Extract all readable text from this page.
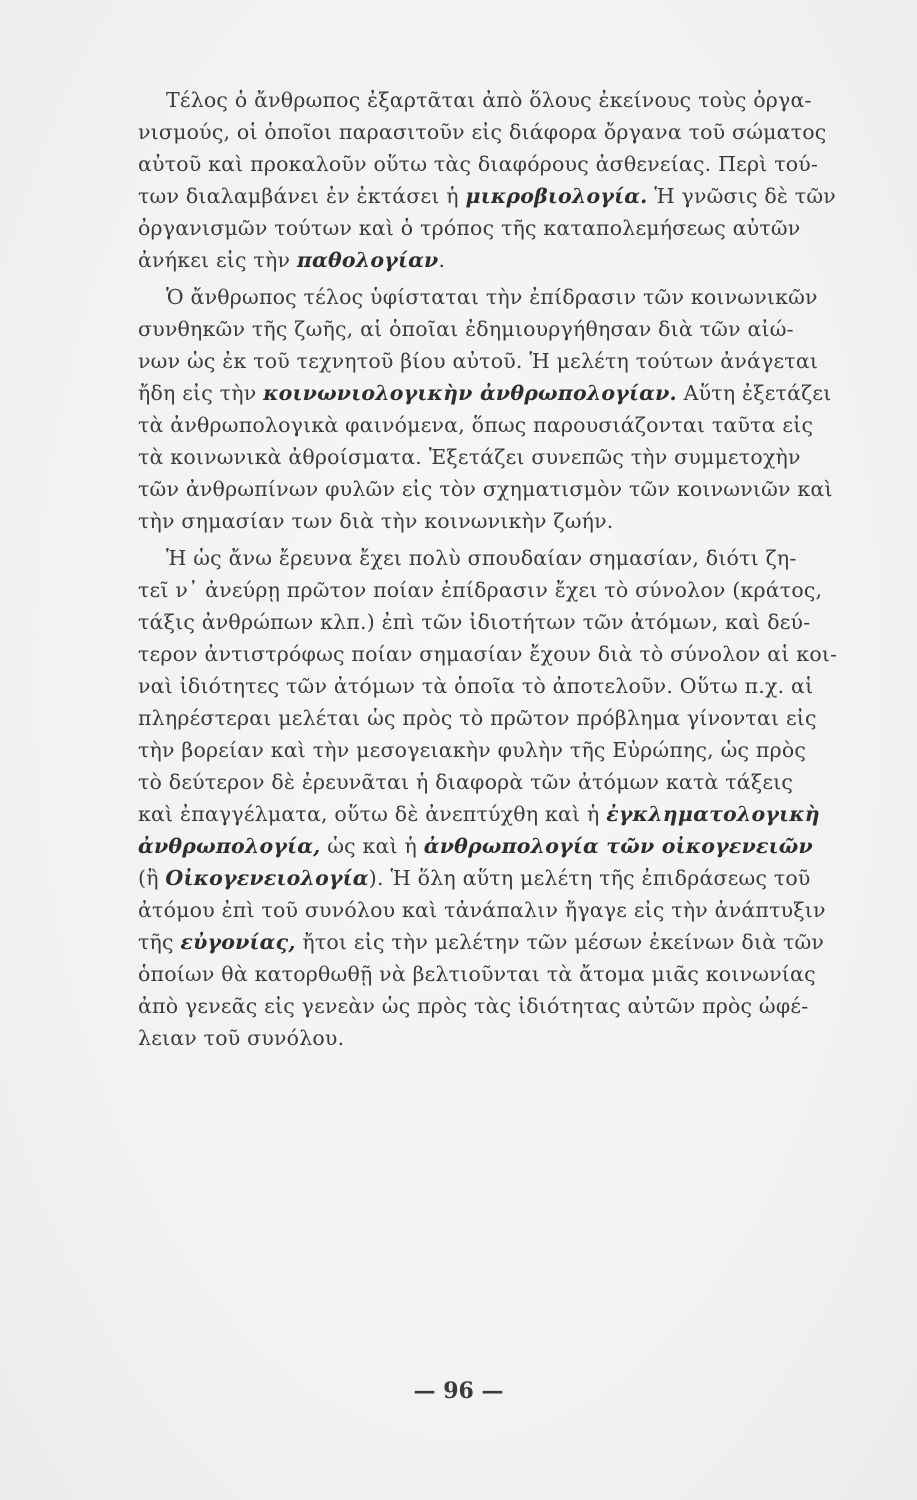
Τέλος ὁ ἄνθρωπος ἐξαρτᾶται ἀπὸ ὅλους ἐκείνους τοὺς ὀργα-
νισμούς, οἱ ὁποῖοι παρασιτοῦν εἰς διάφορα ὄργανα τοῦ σώματος
αὐτοῦ καὶ προκαλοῦν οὕτω τὰς διαφόρους ἀσθενείας. Περὶ τού-
των διαλαμβάνει ἐν ἐκτάσει ἡ μικροβιολογία. Ἡ γνῶσις δὲ τῶν
ὀργανισμῶν τούτων καὶ ὁ τρόπος τῆς καταπολεμήσεως αὐτῶν
ἀνήκει εἰς τὴν παθολογίαν.
Ὁ ἄνθρωπος τέλος ὑφίσταται τὴν ἐπίδρασιν τῶν κοινωνικῶν
συνθηκῶν τῆς ζωῆς, αἱ ὁποῖαι ἐδημιουργήθησαν διὰ τῶν αἰώ-
νων ὡς ἐκ τοῦ τεχνητοῦ βίου αὐτοῦ. Ἡ μελέτη τούτων ἀνάγεται
ἤδη εἰς τὴν κοινωνιολογικὴν ἀνθρωπολογίαν. Αὕτη ἐξετάζει
τὰ ἀνθρωπολογικὰ φαινόμενα, ὅπως παρουσιάζονται ταῦτα εἰς
τὰ κοινωνικὰ ἀθροίσματα. Ἐξετάζει συνεπῶς τὴν συμμετοχὴν
τῶν ἀνθρωπίνων φυλῶν εἰς τὸν σχηματισμὸν τῶν κοινωνιῶν καὶ
τὴν σημασίαν των διὰ τὴν κοινωνικὴν ζωήν.
Ἡ ὡς ἄνω ἔρευνα ἔχει πολὺ σπουδαίαν σημασίαν, διότι ζη-
τεῖ ν᾽ ἀνεύρῃ πρῶτον ποίαν ἐπίδρασιν ἔχει τὸ σύνολον (κράτος,
τάξις ἀνθρώπων κλπ.) ἐπὶ τῶν ἰδιοτήτων τῶν ἀτόμων, καὶ δεύ-
τερον ἀντιστρόφως ποίαν σημασίαν ἔχουν διὰ τὸ σύνολον αἱ κοι-
ναὶ ἰδιότητες τῶν ἀτόμων τὰ ὁποῖα τὸ ἀποτελοῦν. Οὕτω π.χ. αἱ
πληρέστεραι μελέται ὡς πρὸς τὸ πρῶτον πρόβλημα γίνονται εἰς
τὴν βορείαν καὶ τὴν μεσογειακὴν φυλὴν τῆς Εὐρώπης, ὡς πρὸς
τὸ δεύτερον δὲ ἐρευνᾶται ἡ διαφορὰ τῶν ἀτόμων κατὰ τάξεις
καὶ ἐπαγγέλματα, οὕτω δὲ ἀνεπτύχθη καὶ ἡ ἐγκληματολογικὴ
ἀνθρωπολογία, ὡς καὶ ἡ ἀνθρωπολογία τῶν οἰκογενειῶν
(ἢ Οἰκογενειολογία). Ἡ ὅλη αὕτη μελέτη τῆς ἐπιδράσεως τοῦ
ἀτόμου ἐπὶ τοῦ συνόλου καὶ τἀνάπαλιν ἤγαγε εἰς τὴν ἀνάπτυξιν
τῆς εὐγονίας, ἤτοι εἰς τὴν μελέτην τῶν μέσων ἐκείνων διὰ τῶν
ὁποίων θὰ κατορθωθῇ νὰ βελτιοῦνται τὰ ἄτομα μιᾶς κοινωνίας
ἀπὸ γενεᾶς εἰς γενεὰν ὡς πρὸς τὰς ἰδιότητας αὐτῶν πρὸς ὠφέ-
λειαν τοῦ συνόλου.
— 96 —
